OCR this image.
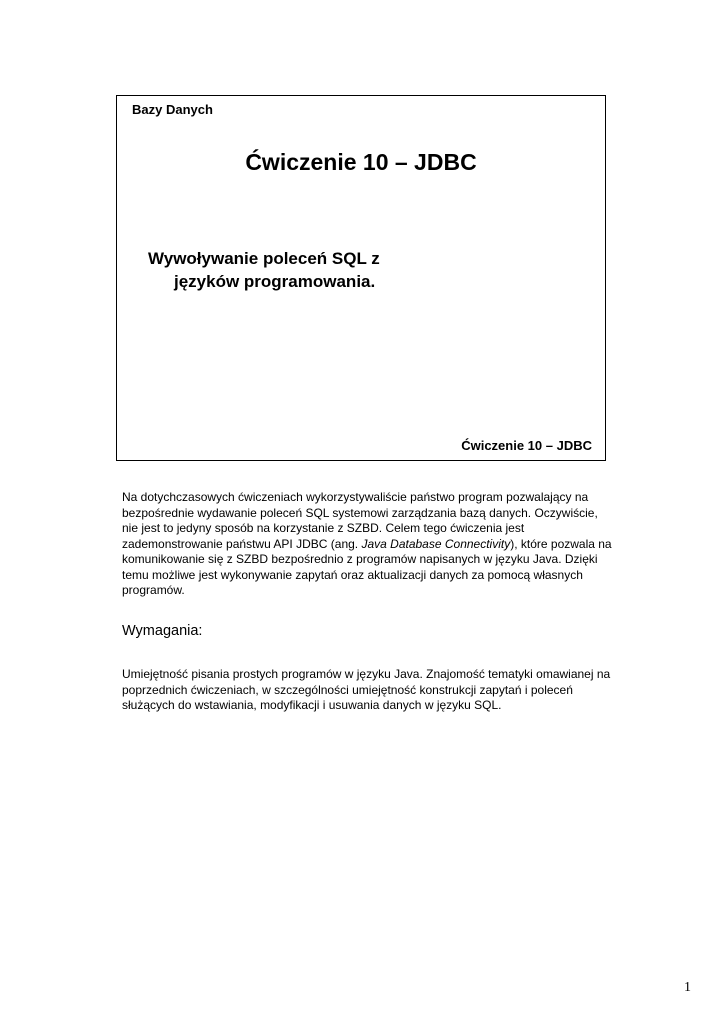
Bazy Danych
Ćwiczenie 10 – JDBC
Wywoływanie poleceń SQL z
języków programowania.
Ćwiczenie 10 – JDBC

Na dotychczasowych ćwiczeniach wykorzystywaliście państwo program pozwalający na bezpośrednie wydawanie poleceń SQL systemowi zarządzania bazą danych. Oczywiście, nie jest to jedyny sposób na korzystanie z SZBD. Celem tego ćwiczenia jest zademonstrowanie państwu API JDBC (ang. Java Database Connectivity), które pozwala na komunikowanie się z SZBD bezpośrednio z programów napisanych w języku Java. Dzięki temu możliwe jest wykonywanie zapytań oraz aktualizacji danych za pomocą własnych programów.

Wymagania:

Umiejętność pisania prostych programów w języku Java. Znajomość tematyki omawianej na poprzednich ćwiczeniach, w szczególności umiejętność konstrukcji zapytań i poleceń służących do wstawiania, modyfikacji i usuwania danych w języku SQL.

1
